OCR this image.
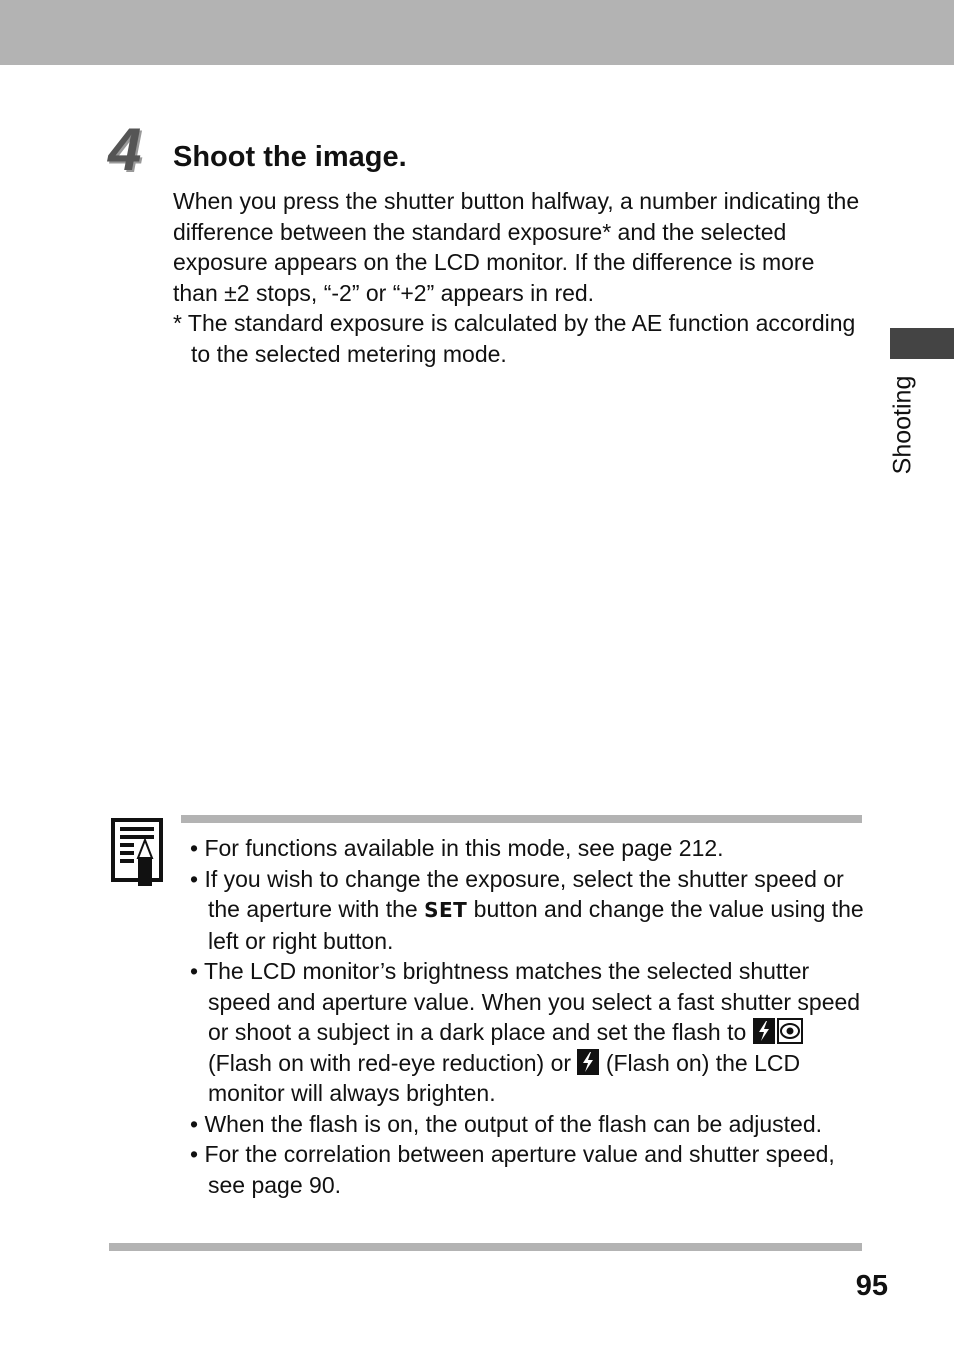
Shooting
4 Shoot the image.

When you press the shutter button halfway, a number indicating the difference between the standard exposure* and the selected exposure appears on the LCD monitor. If the difference is more than ±2 stops, “-2” or “+2” appears in red.

* The standard exposure is calculated by the AE function according to the selected metering mode.

• For functions available in this mode, see page 212.
• If you wish to change the exposure, select the shutter speed or the aperture with the SET button and change the value using the left or right button.
• The LCD monitor’s brightness matches the selected shutter speed and aperture value. When you select a fast shutter speed or shoot a subject in a dark place and set the flash to   (Flash on with red-eye reduction) or  (Flash on) the LCD monitor will always brighten.
• When the flash is on, the output of the flash can be adjusted.
• For the correlation between aperture value and shutter speed, see page 90.
95
